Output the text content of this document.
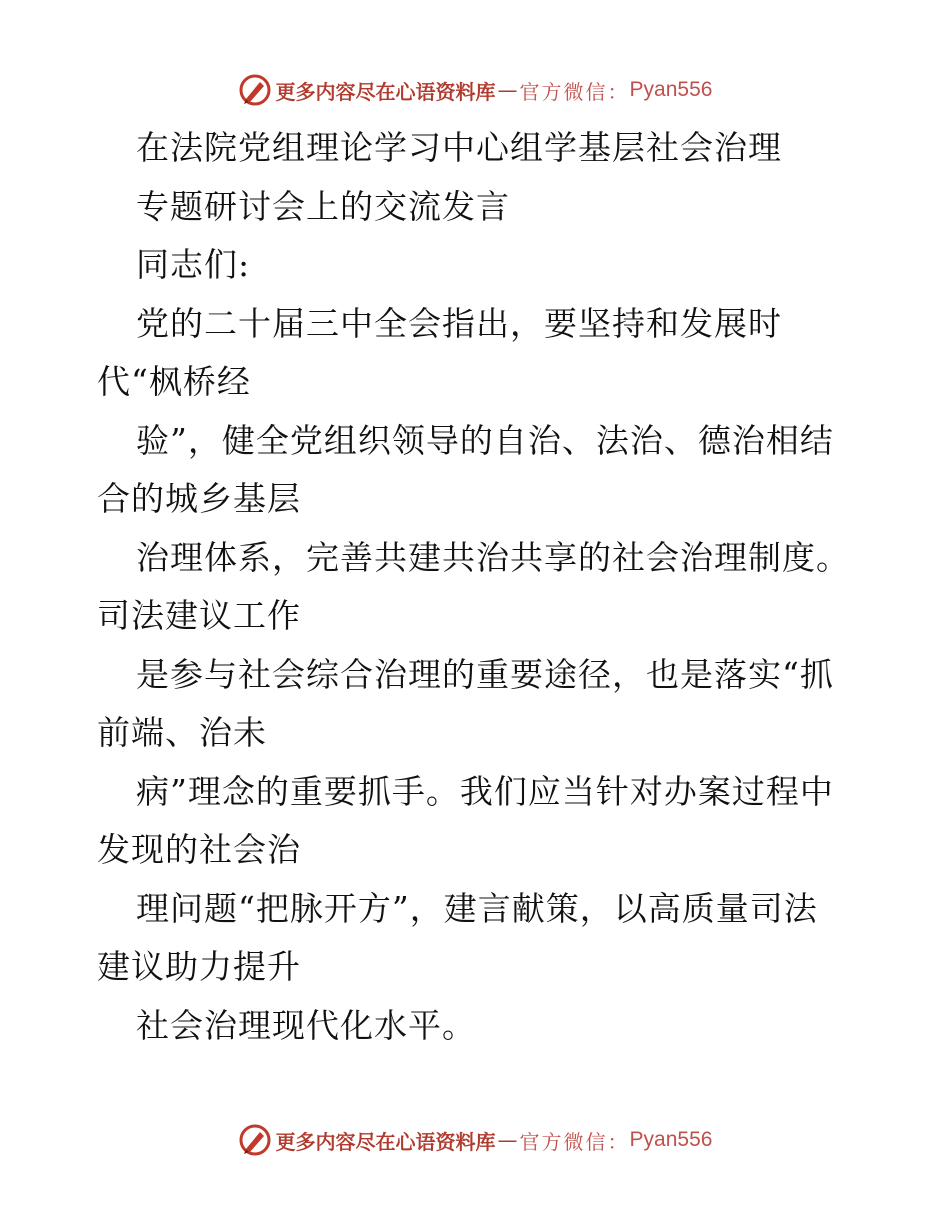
更多内容尽在心语资料库 — 官方微信： Pyan556
在法院党组理论学习中心组学基层社会治理
专题研讨会上的交流发言
同志们:
党的二十届三中全会指出，要坚持和发展时
代“枫桥经
验”，健全党组织领导的自治、法治、德治相结
合的城乡基层
治理体系，完善共建共治共享的社会治理制度。
司法建议工作
是参与社会综合治理的重要途径，也是落实“抓
前端、治未
病”理念的重要抓手。我们应当针对办案过程中
发现的社会治
理问题“把脉开方”，建言献策，以高质量司法
建议助力提升
社会治理现代化水平。
更多内容尽在心语资料库 — 官方微信： Pyan556
